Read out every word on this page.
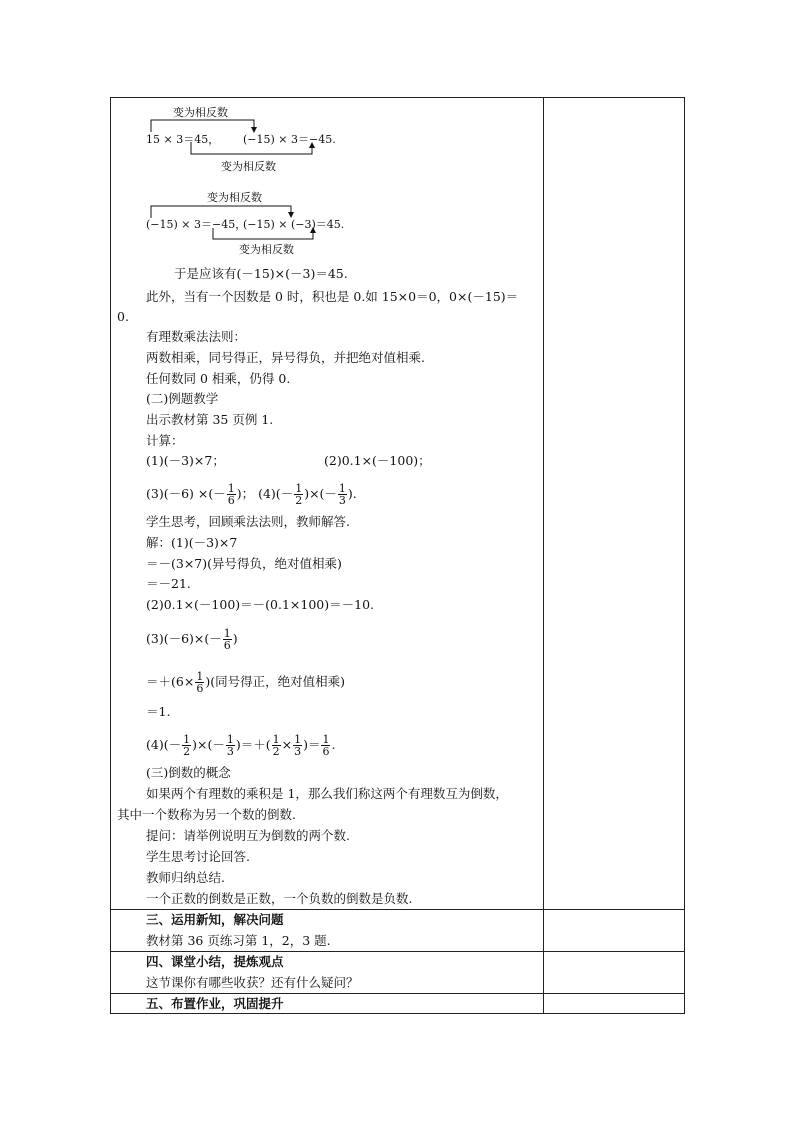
变为相反数
15 × 3＝45， (−15) × 3＝−45.
变为相反数
变为相反数
(−15) × 3＝−45，
(−15) × (−3)＝45.
变为相反数
于是应该有(－15)×(－3)＝45.
此外，当有一个因数是 0 时，积也是 0.如 15×0＝0，0×(－15)＝
0.
有理数乘法法则：
两数相乘，同号得正，异号得负，并把绝对值相乘.
任何数同 0 相乘，仍得 0.
(二)例题教学
出示教材第 35 页例 1.
计算：
(1)(－3)×7；	(2)0.1×(－100)；
(3)(－6) ×(－ $\frac{1}{6}$ )； $(4)(- \frac{1}{2}$ )×(－ $\frac{1}{3}$ ).
学生思考，回顾乘法法则，教师解答.
解：(1)(－3)×7
＝－(3×7)(异号得负，绝对值相乘)
＝－21.
(2)0.1×(－100)＝－(0.1×100)＝－10.
$(3)(-6)\times(- \frac{1}{6}$ )
$=+(6\times \frac{1}{6}$ )(同号得正，绝对值相乘)
＝1.
$(4)(- \frac{1}{2}$ )×(－ $\frac{1}{3}$ )＝＋( $\frac{1}{2} \times \frac{1}{3}$ )＝ $\frac{1}{6}$ .
(三)倒数的概念
如果两个有理数的乘积是 1，那么我们称这两个有理数互为倒数，
其中一个数称为另一个数的倒数.
提问：请举例说明互为倒数的两个数.
学生思考讨论回答.
教师归纳总结.
一个正数的倒数是正数，一个负数的倒数是负数.
三、运用新知，解决问题
教材第 36 页练习第 1，2，3 题.
四、课堂小结，提炼观点
这节课你有哪些收获？还有什么疑问？
五、布置作业，巩固提升
